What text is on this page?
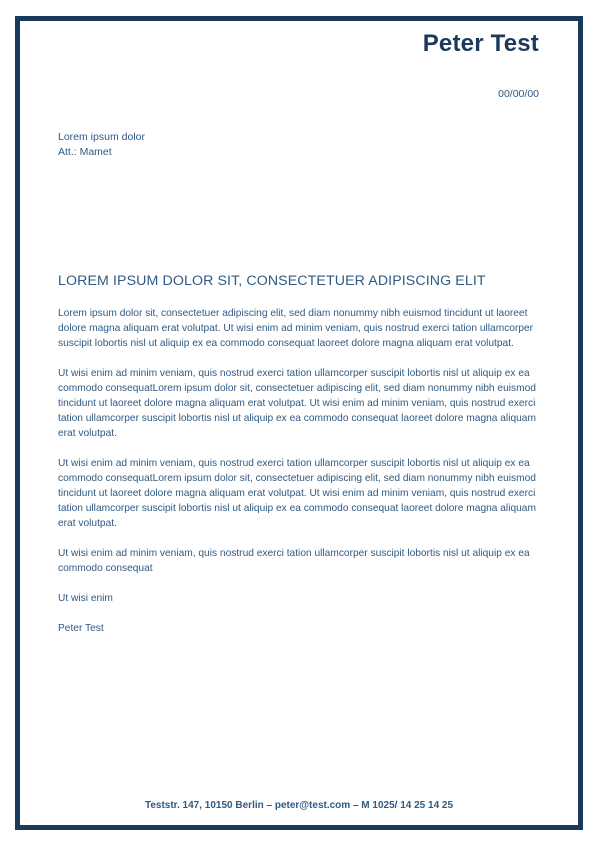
Peter Test
00/00/00
Lorem ipsum dolor
Att.: Mamet
LOREM IPSUM DOLOR SIT, CONSECTETUER ADIPISCING ELIT

Lorem ipsum dolor sit, consectetuer adipiscing elit, sed diam nonummy nibh euismod tincidunt ut laoreet dolore magna aliquam erat volutpat. Ut wisi enim ad minim veniam, quis nostrud exerci tation ullamcorper suscipit lobortis nisl ut aliquip ex ea commodo consequat laoreet dolore magna aliquam erat volutpat.

Ut wisi enim ad minim veniam, quis nostrud exerci tation ullamcorper suscipit lobortis nisl ut aliquip ex ea commodo consequatLorem ipsum dolor sit, consectetuer adipiscing elit, sed diam nonummy nibh euismod tincidunt ut laoreet dolore magna aliquam erat volutpat. Ut wisi enim ad minim veniam, quis nostrud exerci tation ullamcorper suscipit lobortis nisl ut aliquip ex ea commodo consequat laoreet dolore magna aliquam erat volutpat.

Ut wisi enim ad minim veniam, quis nostrud exerci tation ullamcorper suscipit lobortis nisl ut aliquip ex ea commodo consequatLorem ipsum dolor sit, consectetuer adipiscing elit, sed diam nonummy nibh euismod tincidunt ut laoreet dolore magna aliquam erat volutpat. Ut wisi enim ad minim veniam, quis nostrud exerci tation ullamcorper suscipit lobortis nisl ut aliquip ex ea commodo consequat laoreet dolore magna aliquam erat volutpat.

Ut wisi enim ad minim veniam, quis nostrud exerci tation ullamcorper suscipit lobortis nisl ut aliquip ex ea commodo consequat

Ut wisi enim

Peter Test

Teststr. 147, 10150 Berlin – peter@test.com – M 1025/ 14 25 14 25
